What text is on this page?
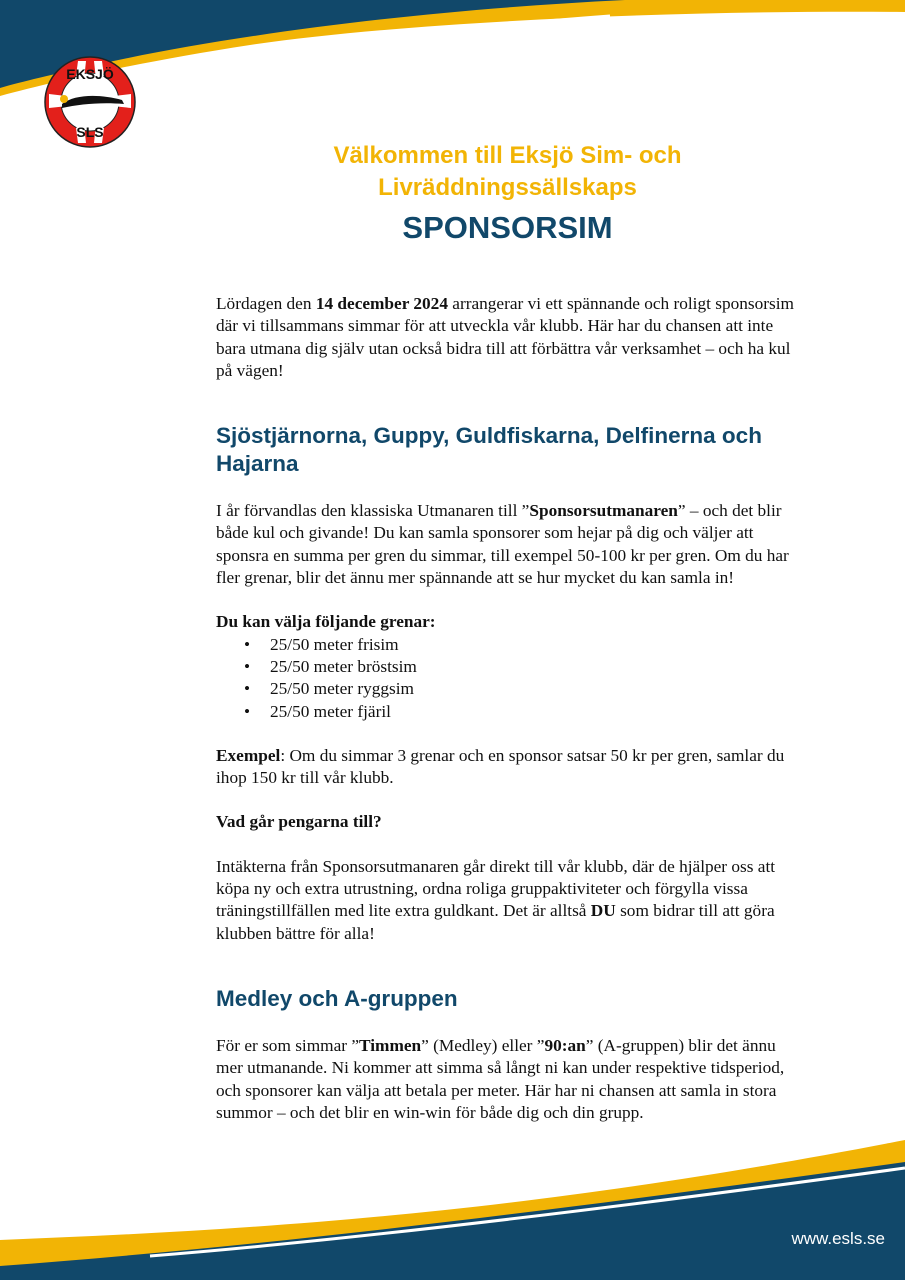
EKSJÖ
SLS
Välkommen till Eksjö Sim- och
Livräddningssällskaps
SPONSORSIM

Lördagen den 14 december 2024 arrangerar vi ett spännande och roligt sponsorsim där vi tillsammans simmar för att utveckla vår klubb. Här har du chansen att inte bara utmana dig själv utan också bidra till att förbättra vår verksamhet – och ha kul på vägen!

Sjöstjärnorna, Guppy, Guldfiskarna, Delfinerna och Hajarna

I år förvandlas den klassiska Utmanaren till ”Sponsorsutmanaren” – och det blir både kul och givande! Du kan samla sponsorer som hejar på dig och väljer att sponsra en summa per gren du simmar, till exempel 50-100 kr per gren. Om du har fler grenar, blir det ännu mer spännande att se hur mycket du kan samla in!

Du kan välja följande grenar:

• 25/50 meter frisim
• 25/50 meter bröstsim
• 25/50 meter ryggsim
• 25/50 meter fjäril

Exempel: Om du simmar 3 grenar och en sponsor satsar 50 kr per gren, samlar du ihop 150 kr till vår klubb.

Vad går pengarna till?

Intäkterna från Sponsorsutmanaren går direkt till vår klubb, där de hjälper oss att köpa ny och extra utrustning, ordna roliga gruppaktiviteter och förgylla vissa träningstillfällen med lite extra guldkant. Det är alltså DU som bidrar till att göra klubben bättre för alla!

Medley och A-gruppen

För er som simmar ”Timmen” (Medley) eller ”90:an” (A-gruppen) blir det ännu mer utmanande. Ni kommer att simma så långt ni kan under respektive tidsperiod, och sponsorer kan välja att betala per meter. Här har ni chansen att samla in stora summor – och det blir en win-win för både dig och din grupp.

www.esls.se
